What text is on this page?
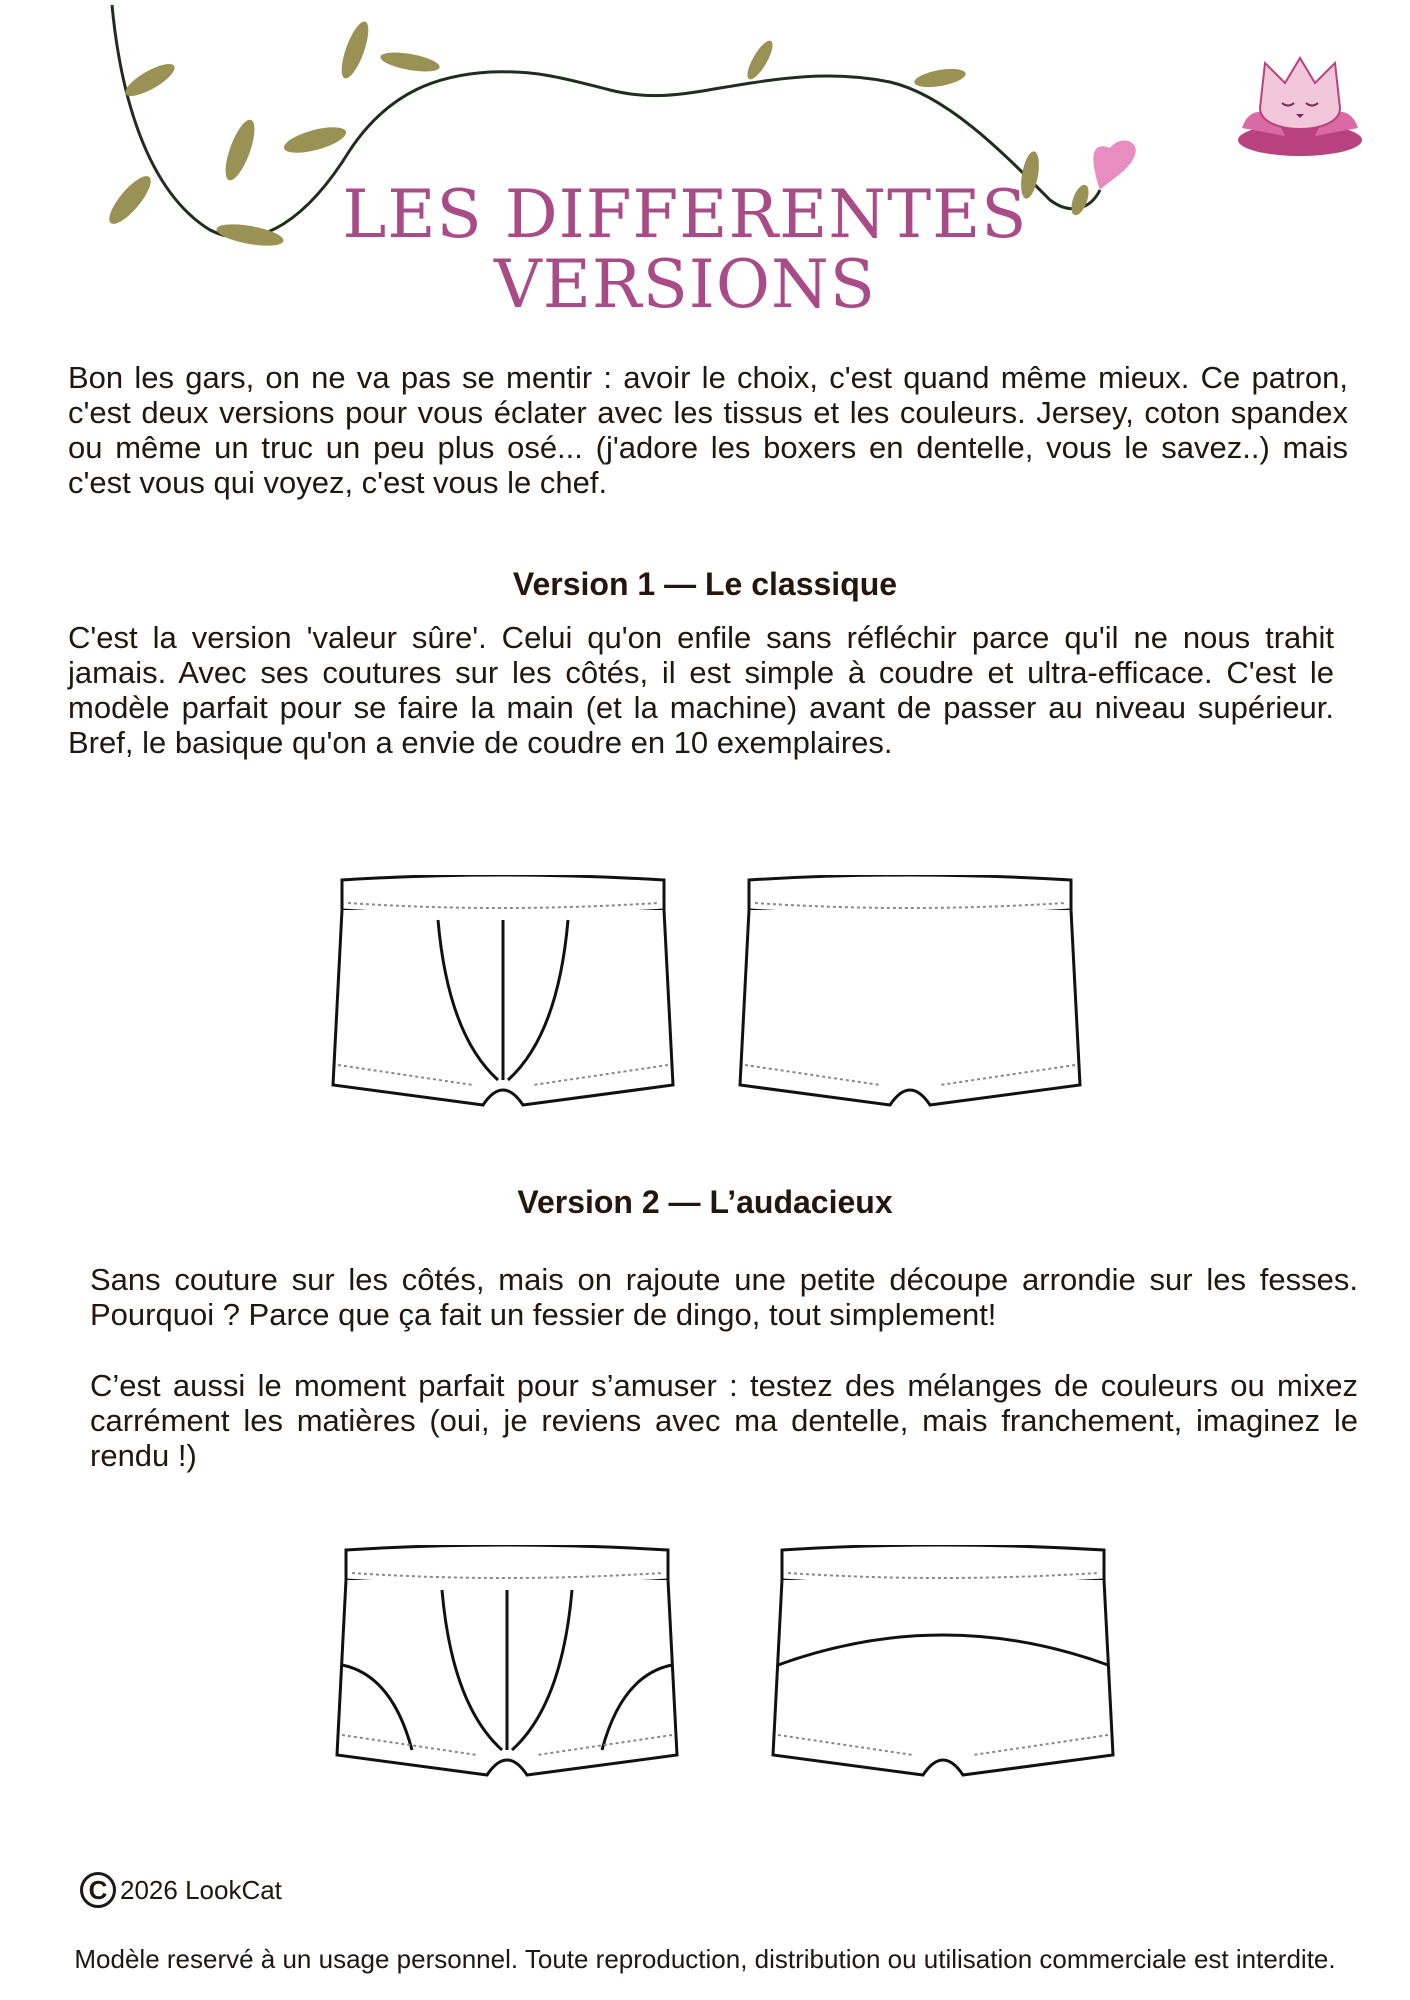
LES DIFFERENTES
VERSIONS

Bon les gars, on ne va pas se mentir : avoir le choix, c'est quand même mieux. Ce patron, c'est deux versions pour vous éclater avec les tissus et les couleurs. Jersey, coton spandex ou même un truc un peu plus osé... (j'adore les boxers en dentelle, vous le savez..) mais c'est vous qui voyez, c'est vous le chef.

Version 1 — Le classique

C'est la version 'valeur sûre'. Celui qu'on enfile sans réfléchir parce qu'il ne nous trahit jamais. Avec ses coutures sur les côtés, il est simple à coudre et ultra-efficace. C'est le modèle parfait pour se faire la main (et la machine) avant de passer au niveau supérieur. Bref, le basique qu'on a envie de coudre en 10 exemplaires.

Version 2 — L’audacieux

Sans couture sur les côtés, mais on rajoute une petite découpe arrondie sur les fesses. Pourquoi ? Parce que ça fait un fessier de dingo, tout simplement!

C’est aussi le moment parfait pour s’amuser : testez des mélanges de couleurs ou mixez carrément les matières (oui, je reviens avec ma dentelle, mais franchement, imaginez le rendu !)

C 2026 LookCat

Modèle reservé à un usage personnel. Toute reproduction, distribution ou utilisation commerciale est interdite.
